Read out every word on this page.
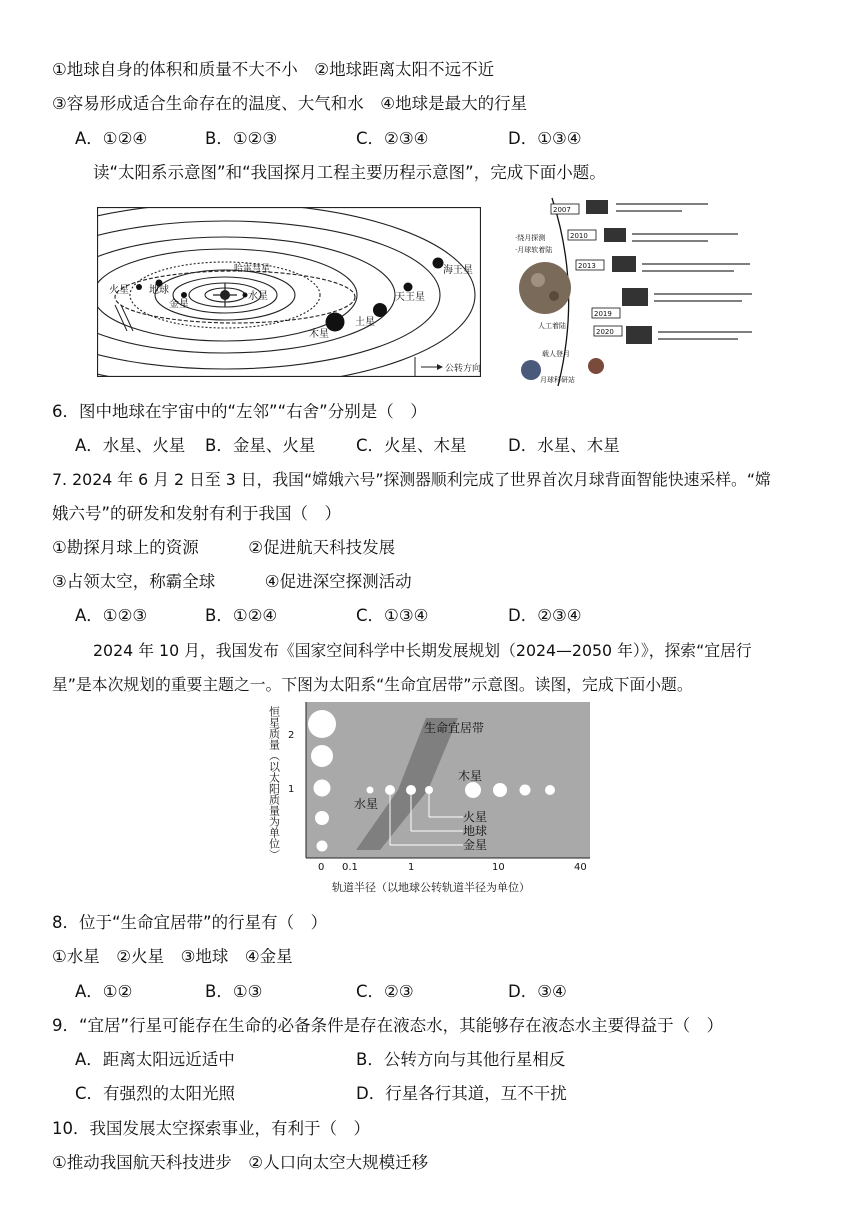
①地球自身的体积和质量不大不小　②地球距离太阳不远不近
③容易形成适合生命存在的温度、大气和水　④地球是最大的行星
A．①②④	B．①②③	C．②③④	D．①③④
读“太阳系示意图”和“我国探月工程主要历程示意图”，完成下面小题。
海王星
天王星
土星
木星
火星 地球
金星
水星
哈雷彗星
公转方向
2007
2010
2013
2019
2020
·绕月探测
·月球软着陆
人工着陆
载人登月
月球科研站
6．图中地球在宇宙中的“左邻”“右舍”分别是（　）
A．水星、火星 B．金星、火星 C．火星、木星	D．水星、木星
7. 2024 年 6 月 2 日至 3 日，我国“嫦娥六号”探测器顺利完成了世界首次月球背面智能快速采样。“嫦
娥六号”的研发和发射有利于我国（　）
①勘探月球上的资源　　　②促进航天科技发展
③占领太空，称霸全球　　　④促进深空探测活动
A．①②③	B．①②④	C．①③④	D．②③④
2024 年 10 月，我国发布《国家空间科学中长期发展规划（2024—2050 年）》，探索“宜居行
星”是本次规划的重要主题之一。下图为太阳系“生命宜居带”示意图。读图，完成下面小题。
生命宜居带
木星
水星
火星
地球
金星
2
1
0 0.1	1	10	40
轨道半径（以地球公转轨道半径为单位）
恒星质量（以太阳质量为单位）
8．位于“生命宜居带”的行星有（　）
①水星　②火星　③地球　④金星
A．①②	B．①③	C．②③	D．③④
9．“宜居”行星可能存在生命的必备条件是存在液态水，其能够存在液态水主要得益于（　）
A．距离太阳远近适中	B．公转方向与其他行星相反
C．有强烈的太阳光照	D．行星各行其道，互不干扰
10．我国发展太空探索事业，有利于（　）
①推动我国航天科技进步　②人口向太空大规模迁移
